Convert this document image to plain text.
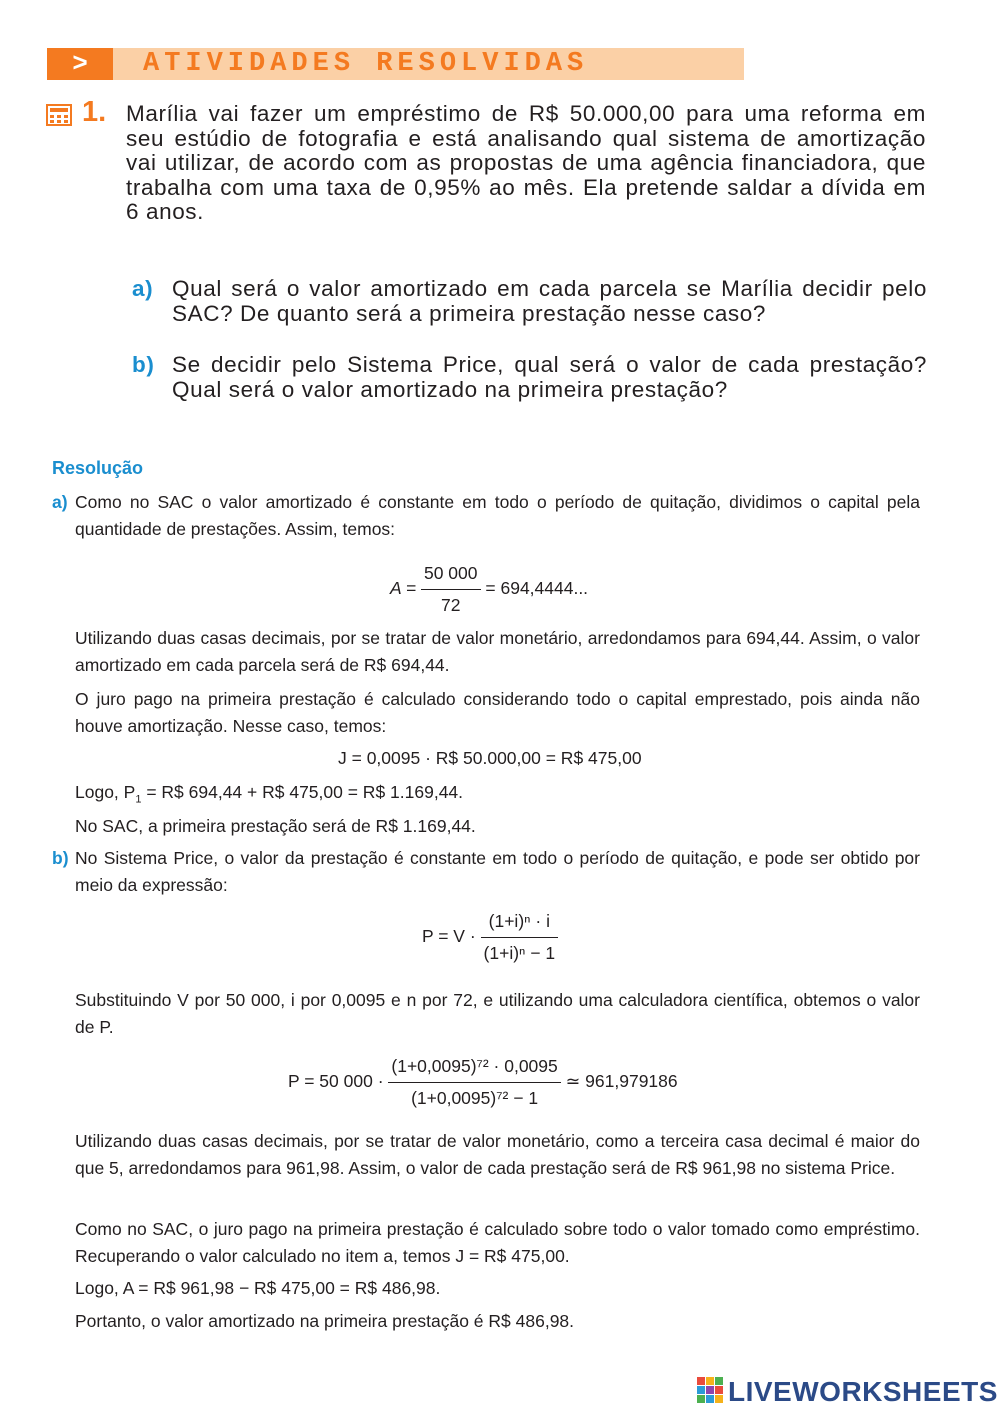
>	ATIVIDADES RESOLVIDAS
1. Marília vai fazer um empréstimo de R$ 50.000,00 para uma reforma em seu estúdio de fotografia e está analisando qual sistema de amortização vai utilizar, de acordo com as propostas de uma agência financiadora, que trabalha com uma taxa de 0,95% ao mês. Ela pretende saldar a dívida em 6 anos.

a) Qual será o valor amortizado em cada parcela se Marília decidir pelo SAC? De quanto será a primeira prestação nesse caso?
b) Se decidir pelo Sistema Price, qual será o valor de cada prestação? Qual será o valor amortizado na primeira prestação?
Resolução
a) Como no SAC o valor amortizado é constante em todo o período de quitação, dividimos o capital pela quantidade de prestações. Assim, temos:
$A = \frac{50 000}{72} = 694,4444$...
Utilizando duas casas decimais, por se tratar de valor monetário, arredondamos para 694,44. Assim, o valor amortizado em cada parcela será de R$ 694,44.
O juro pago na primeira prestação é calculado considerando todo o capital emprestado, pois ainda não houve amortização. Nesse caso, temos:
J = 0,0095 · R$ 50.000,00 = R$ 475,00
Logo, $P_1$ = R$ 694,44 + R$ 475,00 = R$ 1.169,44.
No SAC, a primeira prestação será de R$ 1.169,44.
b) No Sistema Price, o valor da prestação é constante em todo o período de quitação, e pode ser obtido por meio da expressão:
$P = V \cdot \frac{\text{(1+i)ⁿ · i}}{\text{(1+i)ⁿ − 1}}$
Substituindo V por 50 000, i por 0,0095 e n por 72, e utilizando uma calculadora científica, obtemos o valor de P.
P = 50 $000 \cdot \frac{\text{(1+0,0095)⁷² · 0,0095}}{\text{(1+0,0095)⁷² − 1}}$ ≃ 961,979186
Utilizando duas casas decimais, por se tratar de valor monetário, como a terceira casa decimal é maior do que 5, arredondamos para 961,98. Assim, o valor de cada prestação será de R$ 961,98 no sistema Price.
Como no SAC, o juro pago na primeira prestação é calculado sobre todo o valor tomado como empréstimo. Recuperando o valor calculado no item a, temos J = R$ 475,00.
Logo, A = R$ 961,98 − R$ 475,00 = R$ 486,98.
Portanto, o valor amortizado na primeira prestação é R$ 486,98.
LIVEWORKSHEETS
